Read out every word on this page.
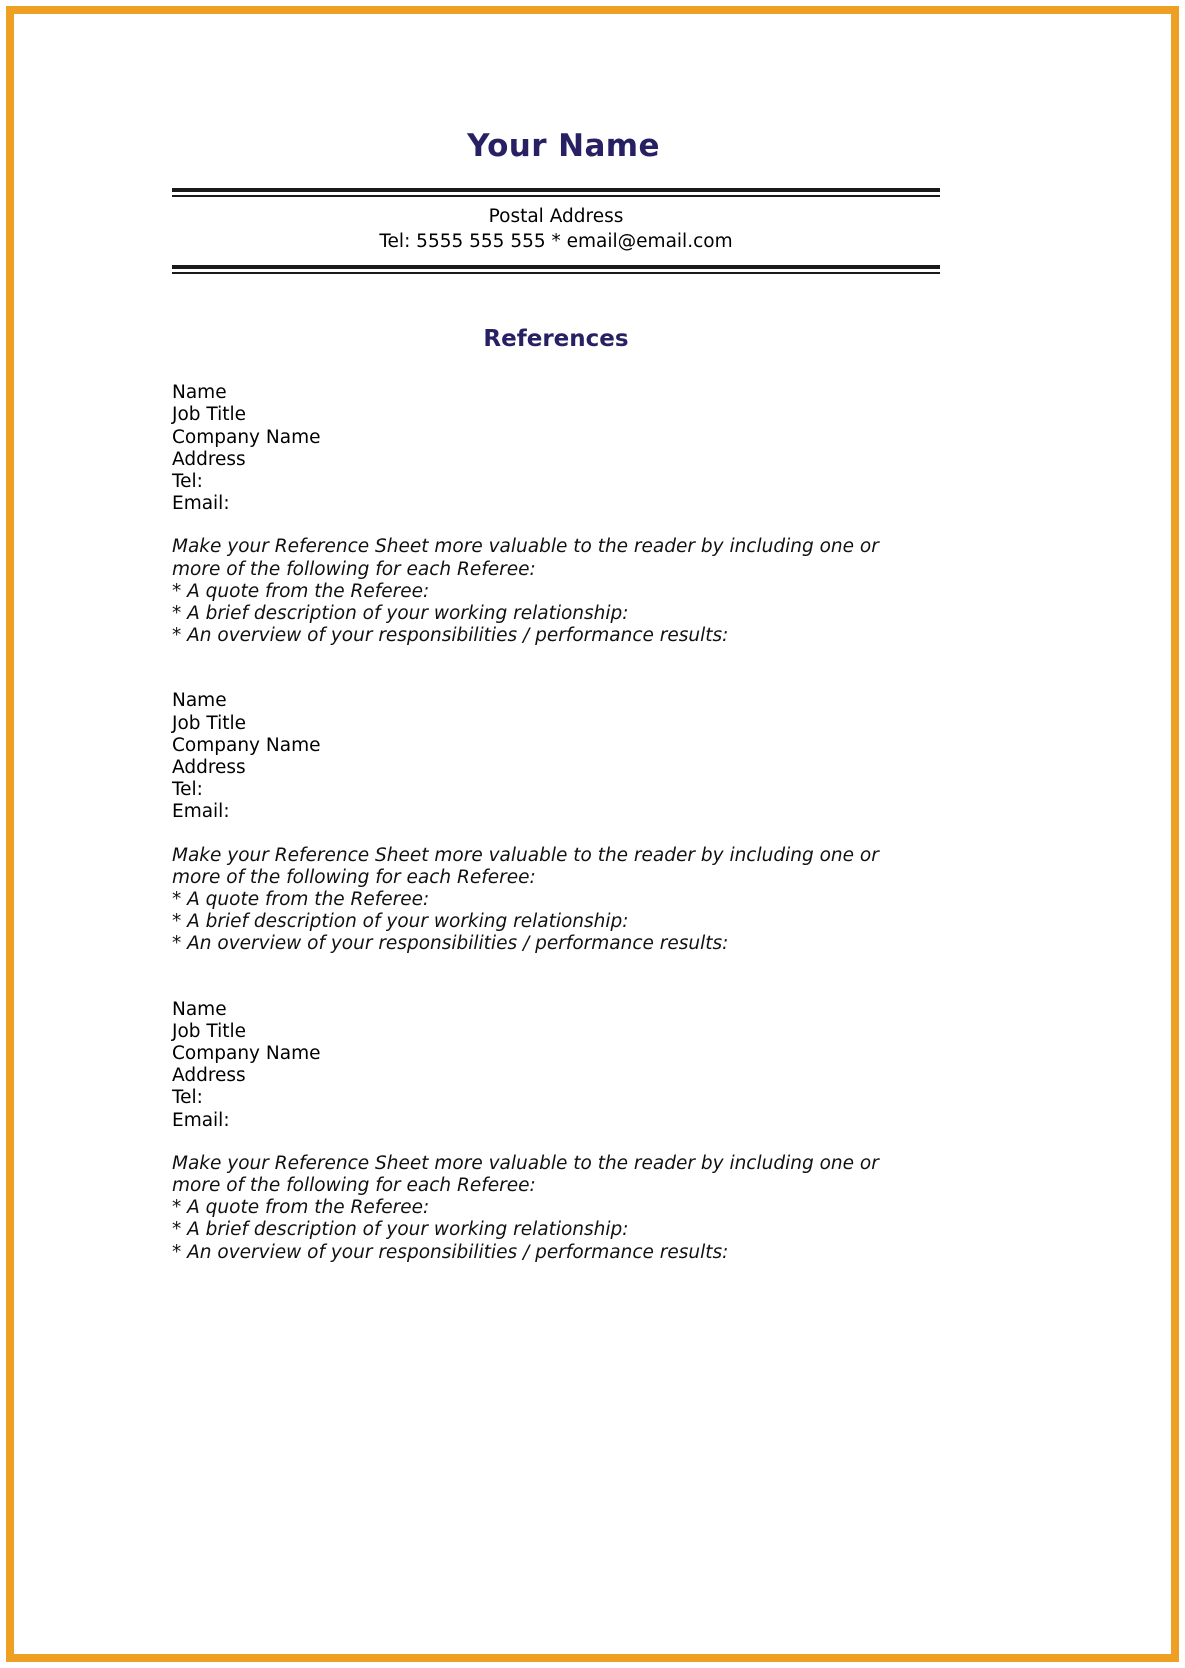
Your Name
Postal Address
Tel: 5555 555 555 * email@email.com
References
Name
Job Title
Company Name
Address
Tel:
Email:

Make your Reference Sheet more valuable to the reader by including one or more of the following for each Referee:

* A quote from the Referee:
* A brief description of your working relationship:
* An overview of your responsibilities / performance results:
Name
Job Title
Company Name
Address
Tel:
Email:

Make your Reference Sheet more valuable to the reader by including one or more of the following for each Referee:

* A quote from the Referee:
* A brief description of your working relationship:
* An overview of your responsibilities / performance results:
Name
Job Title
Company Name
Address
Tel:
Email:

Make your Reference Sheet more valuable to the reader by including one or more of the following for each Referee:

* A quote from the Referee:
* A brief description of your working relationship:
* An overview of your responsibilities / performance results:
